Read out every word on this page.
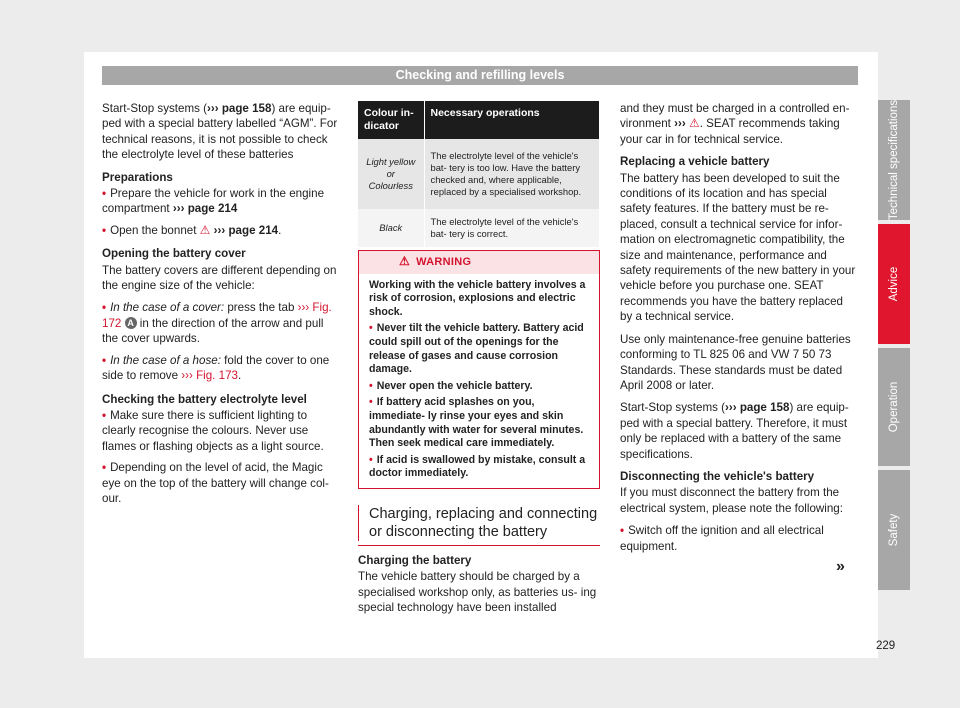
Checking and refilling levels

Start-Stop systems (››› page 158) are equip- ped with a special battery labelled “AGM”. For technical reasons, it is not possible to check the electrolyte level of these batteries

Preparations
• Prepare the vehicle for work in the engine compartment ››› page 214
• Open the bonnet ⚠ ››› page 214.
Opening the battery cover

The battery covers are different depending on the engine size of the vehicle:

• In the case of a cover: press the tab ››› Fig. 172 A in the direction of the arrow and pull the cover upwards.
• In the case of a hose: fold the cover to one side to remove ››› Fig. 173.
Checking the battery electrolyte level
• Make sure there is sufficient lighting to clearly recognise the colours. Never use flames or flashing objects as a light source.
• Depending on the level of acid, the Magic eye on the top of the battery will change col- our.
Colour in- dicator	Necessary operations
Light yellow or Colourless	The electrolyte level of the vehicle's bat- tery is too low. Have the battery checked and, where applicable, replaced by a specialised workshop.
Black	The electrolyte level of the vehicle's bat- tery is correct.
⚠ WARNING
Working with the vehicle battery involves a risk of corrosion, explosions and electric shock.
• Never tilt the vehicle battery. Battery acid could spill out of the openings for the release of gases and cause corrosion damage.
• Never open the vehicle battery.
• If battery acid splashes on you, immediate- ly rinse your eyes and skin abundantly with water for several minutes. Then seek medical care immediately.
• If acid is swallowed by mistake, consult a doctor immediately.
Charging, replacing and connecting or disconnecting the battery
Charging the battery

The vehicle battery should be charged by a specialised workshop only, as batteries us- ing special technology have been installed

and they must be charged in a controlled en- vironment ››› ⚠. SEAT recommends taking your car in for technical service.

Replacing a vehicle battery

The battery has been developed to suit the conditions of its location and has special safety features. If the battery must be re- placed, consult a technical service for infor- mation on electromagnetic compatibility, the size and maintenance, performance and safety requirements of the new battery in your vehicle before you purchase one. SEAT recommends you have the battery replaced by a technical service.

Use only maintenance-free genuine batteries conforming to TL 825 06 and VW 7 50 73 Standards. These standards must be dated April 2008 or later.

Start-Stop systems (››› page 158) are equip- ped with a special battery. Therefore, it must only be replaced with a battery of the same specifications.

Disconnecting the vehicle's battery

If you must disconnect the battery from the electrical system, please note the following:

• Switch off the ignition and all electrical equipment.
»
Technical specifications
Advice
Operation
Safety
229
